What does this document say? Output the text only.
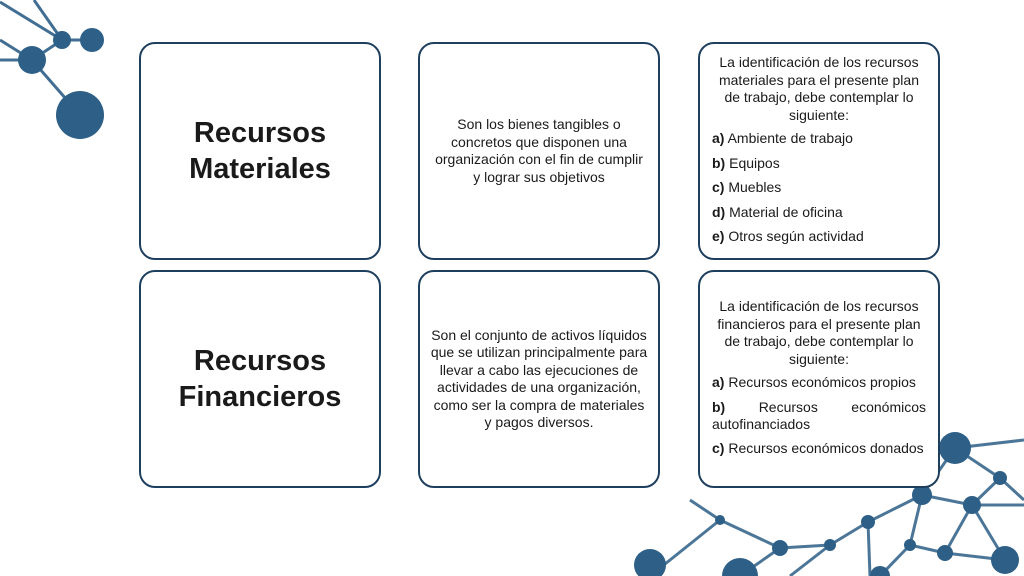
Recursos
Materiales
Son los bienes tangibles o concretos que disponen una organización con el fin de cumplir y lograr sus objetivos
La identificación de los recursos materiales para el presente plan de trabajo, debe contemplar lo siguiente:
a) Ambiente de trabajo
b) Equipos
c) Muebles
d) Material de oficina
e) Otros según actividad
Recursos
Financieros
Son el conjunto de activos líquidos que se utilizan principalmente para llevar a cabo las ejecuciones de actividades de una organización, como ser la compra de materiales y pagos diversos.
La identificación de los recursos financieros para el presente plan de trabajo, debe contemplar lo siguiente:
a) Recursos económicos propios
b) Recursos económicos
autofinanciados
c) Recursos económicos donados
